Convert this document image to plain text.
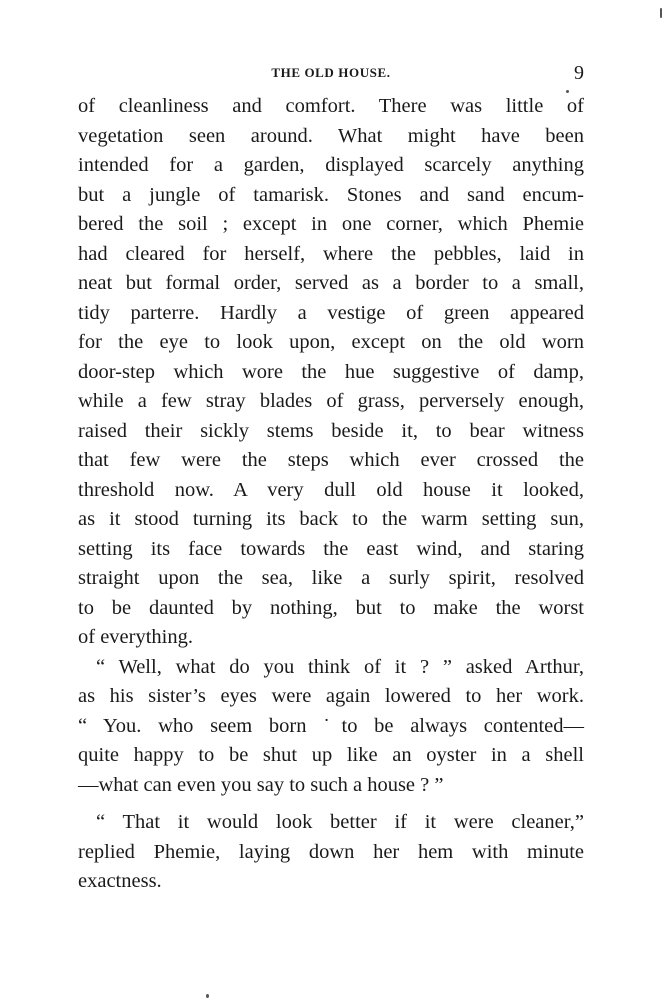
THE OLD HOUSE.	9
of cleanliness and comfort. There was little of
vegetation seen around. What might have been
intended for a garden, displayed scarcely anything
but a jungle of tamarisk. Stones and sand encum-
bered the soil ; except in one corner, which Phemie
had cleared for herself, where the pebbles, laid in
neat but formal order, served as a border to a small,
tidy parterre. Hardly a vestige of green appeared
for the eye to look upon, except on the old worn
door-step which wore the hue suggestive of damp,
while a few stray blades of grass, perversely enough,
raised their sickly stems beside it, to bear witness
that few were the steps which ever crossed the
threshold now. A very dull old house it looked,
as it stood turning its back to the warm setting sun,
setting its face towards the east wind, and staring
straight upon the sea, like a surly spirit, resolved
to be daunted by nothing, but to make the worst
of everything.
“ Well, what do you think of it ? ” asked Arthur,
as his sister’s eyes were again lowered to her work.
“ You. who seem born ˙to be always contented—
quite happy to be shut up like an oyster in a shell
—what can even you say to such a house ? ”
“ That it would look better if it were cleaner,”
replied Phemie, laying down her hem with minute
exactness.
